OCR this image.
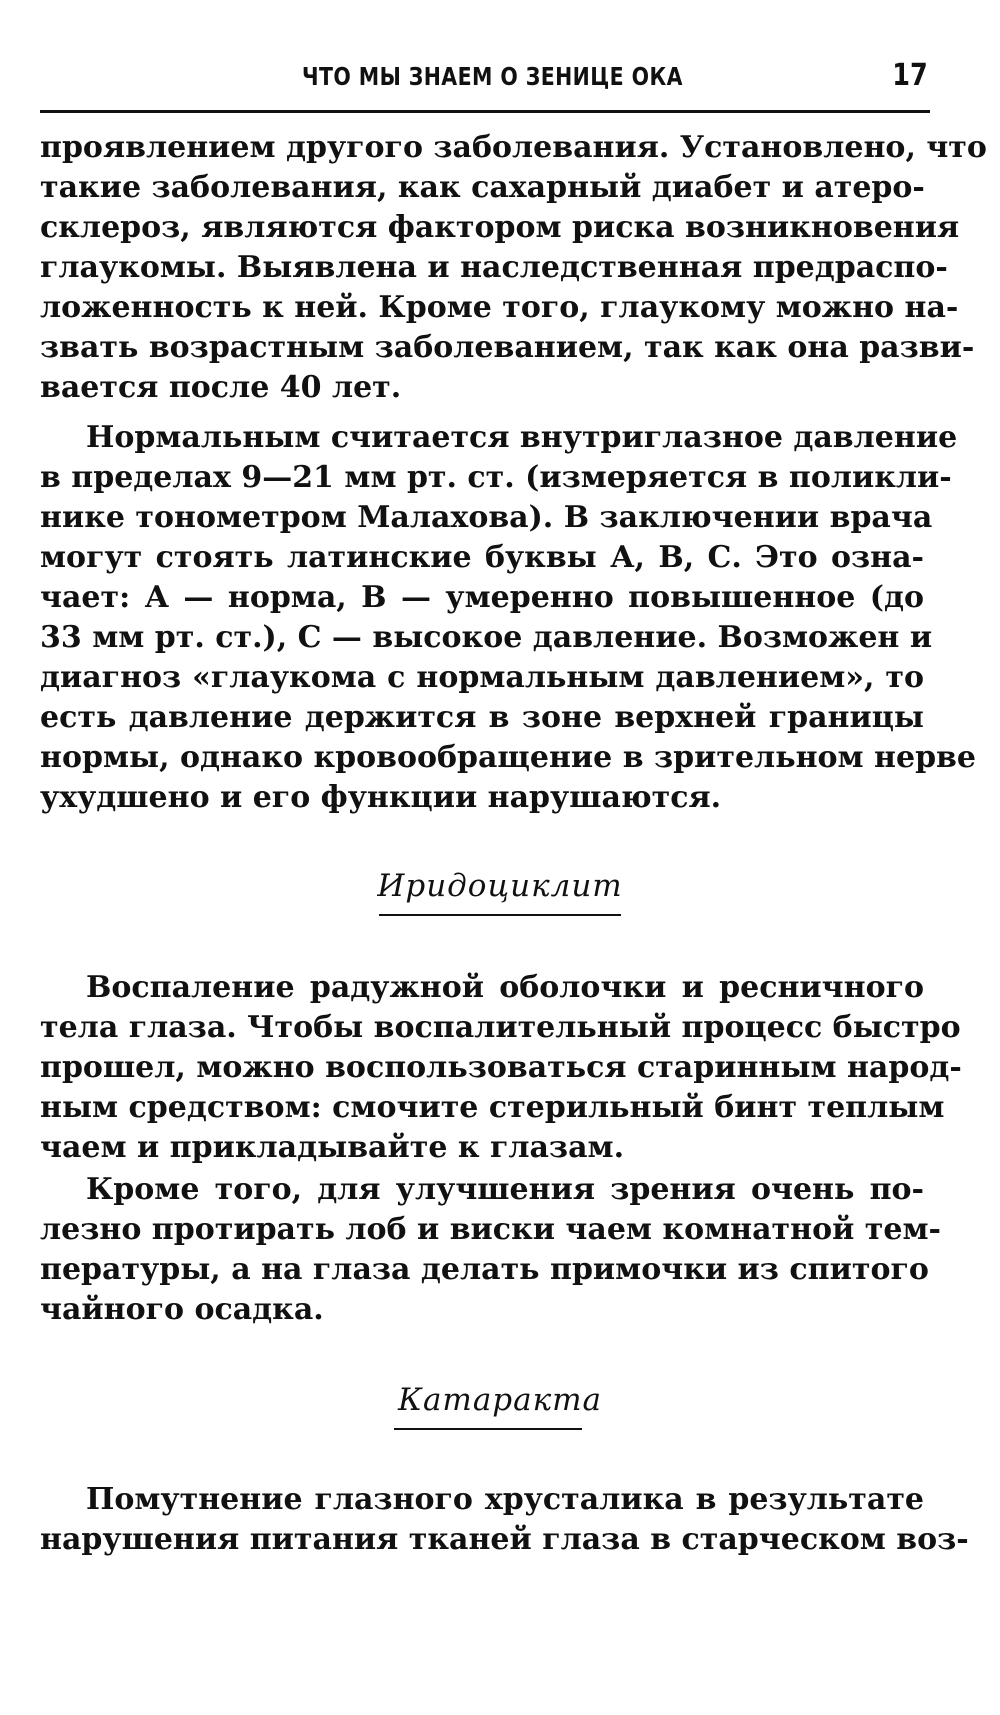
ЧТО МЫ ЗНАЕМ О ЗЕНИЦЕ ОКА	17
проявлением другого заболевания. Установлено, что
такие заболевания, как сахарный диабет и атеро-
склероз, являются фактором риска возникновения
глаукомы. Выявлена и наследственная предраспо-
ложенность к ней. Кроме того, глаукому можно на-
звать возрастным заболеванием, так как она разви-
вается после 40 лет.
Нормальным считается внутриглазное давление
в пределах 9—21 мм рт. ст. (измеряется в поликли-
нике тонометром Малахова). В заключении врача
могут стоять латинские буквы А, В, С. Это озна-
чает: А — норма, В — умеренно повышенное (до
33 мм рт. ст.), С — высокое давление. Возможен и
диагноз «глаукома с нормальным давлением», то
есть давление держится в зоне верхней границы
нормы, однако кровообращение в зрительном нерве
ухудшено и его функции нарушаются.
Иридоциклит
Воспаление радужной оболочки и ресничного
тела глаза. Чтобы воспалительный процесс быстро
прошел, можно воспользоваться старинным народ-
ным средством: смочите стерильный бинт теплым
чаем и прикладывайте к глазам.
Кроме того, для улучшения зрения очень по-
лезно протирать лоб и виски чаем комнатной тем-
пературы, а на глаза делать примочки из спитого
чайного осадка.
Катаракта
Помутнение глазного хрусталика в результате
нарушения питания тканей глаза в старческом воз-
